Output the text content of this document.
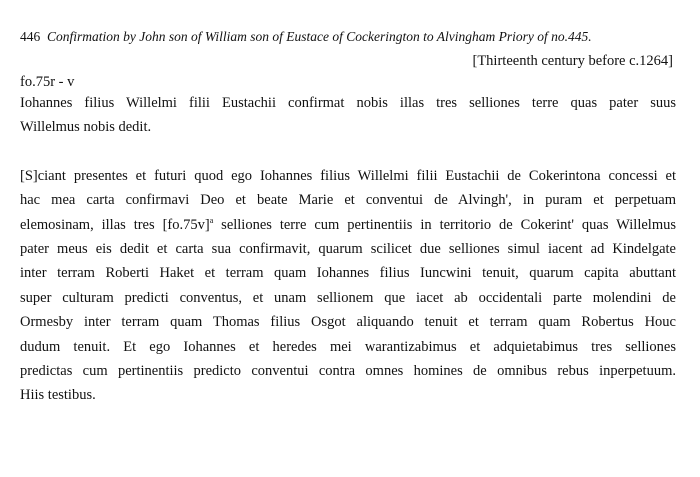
446 Confirmation by John son of William son of Eustace of Cockerington to Alvingham Priory of no.445.
[Thirteenth century before c.1264]
fo.75r - v

Iohannes filius Willelmi filii Eustachii confirmat nobis illas tres selliones terre quas pater suus
Willelmus nobis dedit.

[S]ciant presentes et futuri quod ego Iohannes filius Willelmi filii Eustachii de Cokerintona concessi et
hac mea carta confirmavi Deo et beate Marie et conventui de Alvingh', in puram et perpetuam
elemosinam, illas tres $[fo.75v]^a$ selliones terre cum pertinentiis in territorio de Cokerint' quas Willelmus
pater meus eis dedit et carta sua confirmavit, quarum scilicet due selliones simul iacent ad Kindelgate
inter terram Roberti Haket et terram quam Iohannes filius Iuncwini tenuit, quarum capita abuttant
super culturam predicti conventus, et unam sellionem que iacet ab occidentali parte molendini de
Ormesby inter terram quam Thomas filius Osgot aliquando tenuit et terram quam Robertus Houc
dudum tenuit. Et ego Iohannes et heredes mei warantizabimus et adquietabimus tres selliones
predictas cum pertinentiis predicto conventui contra omnes homines de omnibus rebus inperpetuum.
Hiis testibus.
